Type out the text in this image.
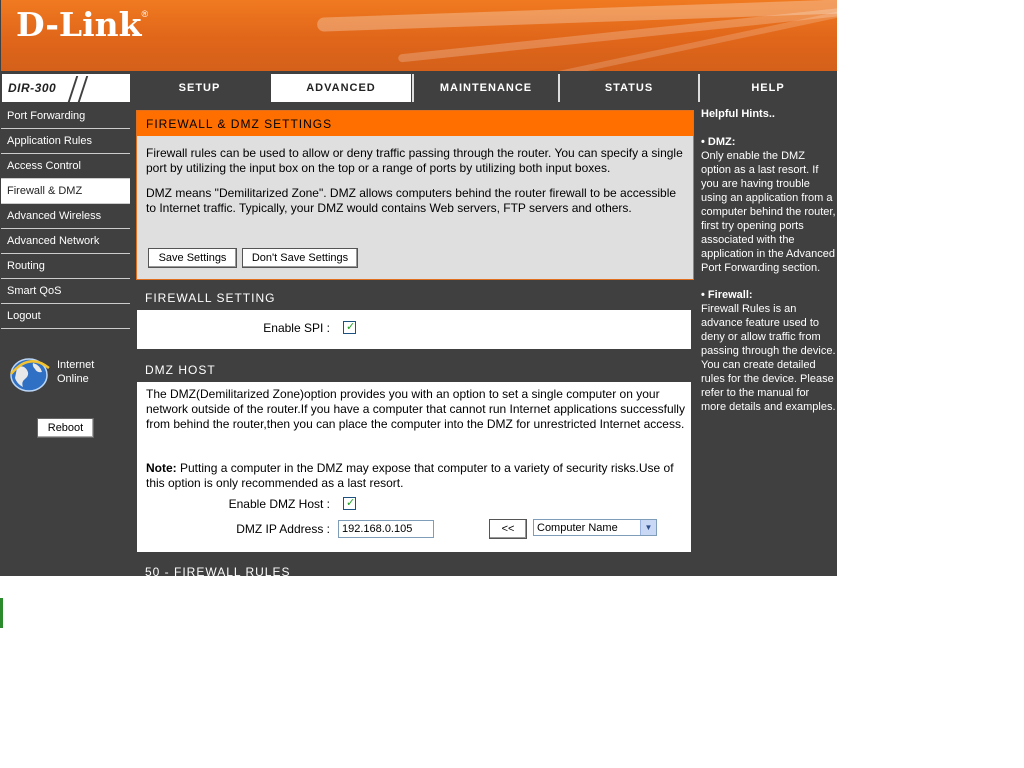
D-Link®
DIR-300	SETUP	ADVANCED	MAINTENANCE	STATUS	HELP
Port Forwarding
Application Rules
Access Control
Firewall & DMZ
Advanced Wireless
Advanced Network
Routing
Smart QoS
Logout
Internet
Online
Reboot
FIREWALL & DMZ SETTINGS

Firewall rules can be used to allow or deny traffic passing through the router. You can specify a single port by utilizing the input box on the top or a range of ports by utilizing both input boxes.

DMZ means "Demilitarized Zone". DMZ allows computers behind the router firewall to be accessible to Internet traffic. Typically, your DMZ would contains Web servers, FTP servers and others.

Save Settings	Don't Save Settings
FIREWALL SETTING
Enable SPI : ✓
DMZ HOST
The DMZ(Demilitarized Zone)option provides you with an option to set a single computer on your network outside of the router.If you have a computer that cannot run Internet applications successfully from behind the router,then you can place the computer into the DMZ for unrestricted Internet access.
Note: Putting a computer in the DMZ may expose that computer to a variety of security risks.Use of this option is only recommended as a last resort.
Enable DMZ Host : ✓
DMZ IP Address :
192.168.0.105	<<	Computer Name	▼
50 - FIREWALL RULES
Helpful Hints..
• DMZ:
Only enable the DMZ option as a last resort. If you are having trouble using an application from a computer behind the router, first try opening ports associated with the application in the Advanced Port Forwarding section.
• Firewall:
Firewall Rules is an advance feature used to deny or allow traffic from passing through the device. You can create detailed rules for the device. Please refer to the manual for more details and examples.
